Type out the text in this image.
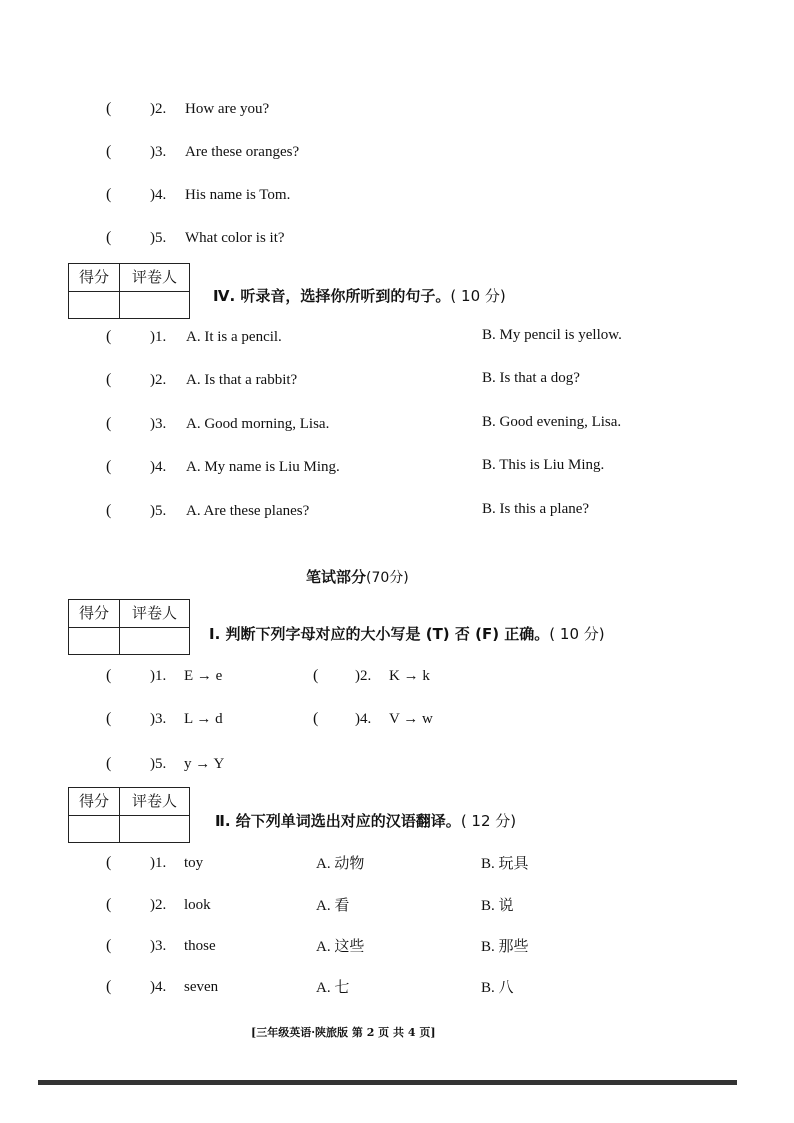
(	)2. How are you?
(	)3. Are these oranges?
(	)4. His name is Tom.
(	)5. What color is it?
得分	评卷人
Ⅳ. 听录音，选择你所听到的句子。( 10 分)
(	)1. A. It is a pencil.	B. My pencil is yellow.
(	)2. A. Is that a rabbit?	B. Is that a dog?
(	)3. A. Good morning, Lisa.	B. Good evening, Lisa.
(	)4. A. My name is Liu Ming.	B. This is Liu Ming.
(	)5. A. Are these planes?	B. Is this a plane?
笔试部分(70分)
得分	评卷人
Ⅰ. 判断下列字母对应的大小写是 (T) 否 (F) 正确。( 10 分)
(	)1. E → e	( )2. K → k
(	)3. L → d	( )4. V → w
(	)5. y → Y
得分	评卷人
Ⅱ. 给下列单词选出对应的汉语翻译。( 12 分)
(	)1. toy	A. 动物	B. 玩具
(	)2. look	A. 看	B. 说
(	)3. those	A. 这些	B. 那些
(	)4. seven	A. 七	B. 八
[三年级英语·陕旅版 第 2 页 共 4 页]
